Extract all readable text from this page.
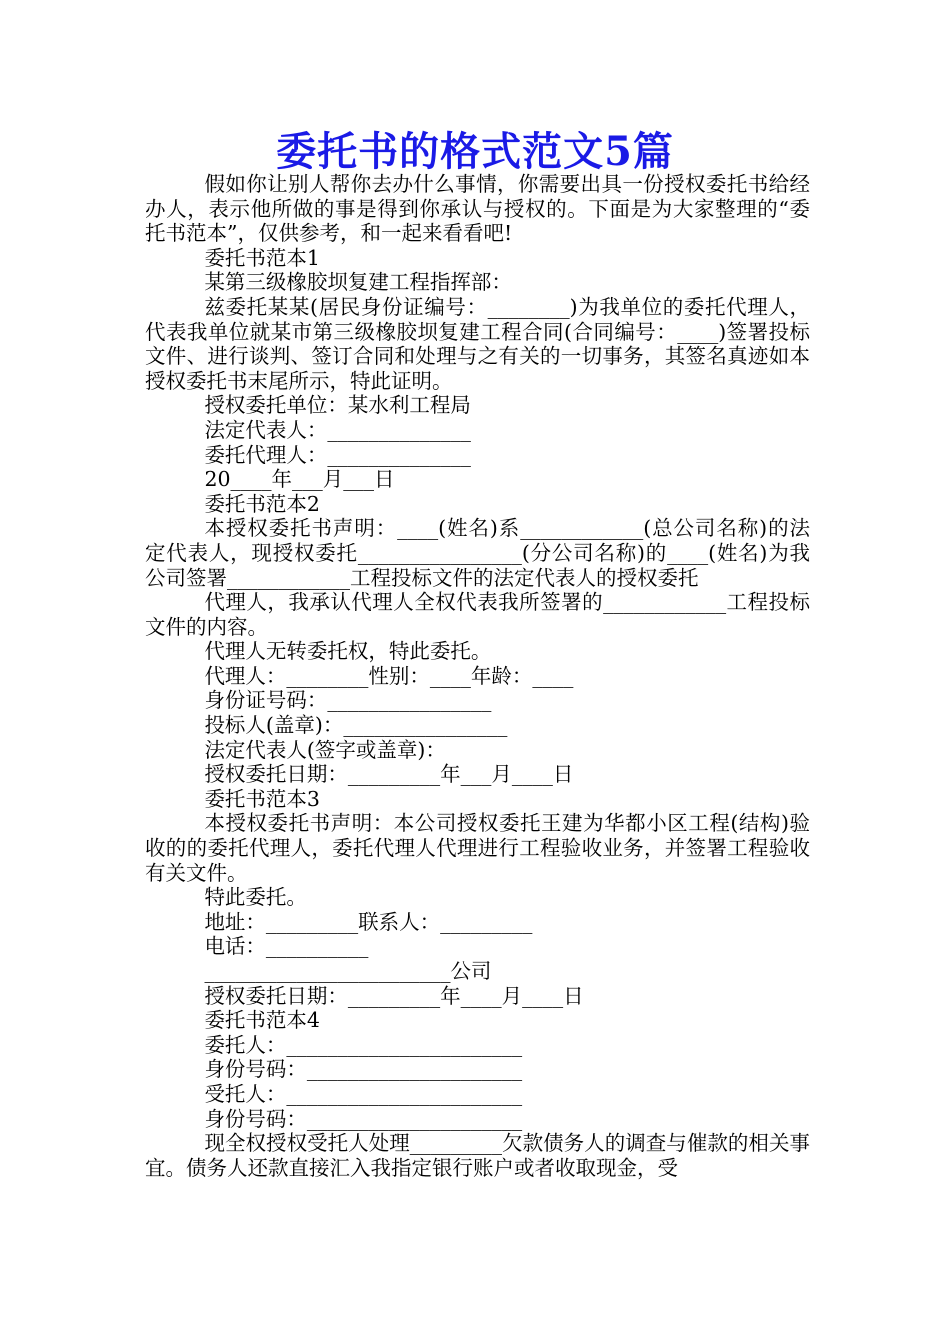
委托书的格式范文5篇

假如你让别人帮你去办什么事情，你需要出具一份授权委托书给经办人，表示他所做的事是得到你承认与授权的。下面是为大家整理的“委托书范本”，仅供参考，和一起来看看吧!

委托书范本1

某第三级橡胶坝复建工程指挥部：

兹委托某某(居民身份证编号：________)为我单位的委托代理人，代表我单位就某市第三级橡胶坝复建工程合同(合同编号：____)签署投标文件、进行谈判、签订合同和处理与之有关的一切事务，其签名真迹如本授权委托书末尾所示，特此证明。

授权委托单位：某水利工程局

法定代表人：______________

委托代理人：______________

20____年___月___日

委托书范本2

本授权委托书声明：____(姓名)系____________(总公司名称)的法定代表人，现授权委托________________(分公司名称)的____(姓名)为我公司签署____________工程投标文件的法定代表人的授权委托

代理人，我承认代理人全权代表我所签署的____________工程投标文件的内容。

代理人无转委托权，特此委托。

代理人：________性别：____年龄：____

身份证号码：________________

投标人(盖章)：________________

法定代表人(签字或盖章)：

授权委托日期：_________年___月____日

委托书范本3

本授权委托书声明：本公司授权委托王建为华都小区工程(结构)验收的的委托代理人，委托代理人代理进行工程验收业务，并签署工程验收有关文件。

特此委托。

地址：_________联系人：_________

电话：__________

________________________公司

授权委托日期：_________年____月____日

委托书范本4

委托人：_______________________

身份号码：_____________________

受托人：_______________________

身份号码：_____________________

现全权授权受托人处理_________欠款债务人的调查与催款的相关事宜。债务人还款直接汇入我指定银行账户或者收取现金，受
